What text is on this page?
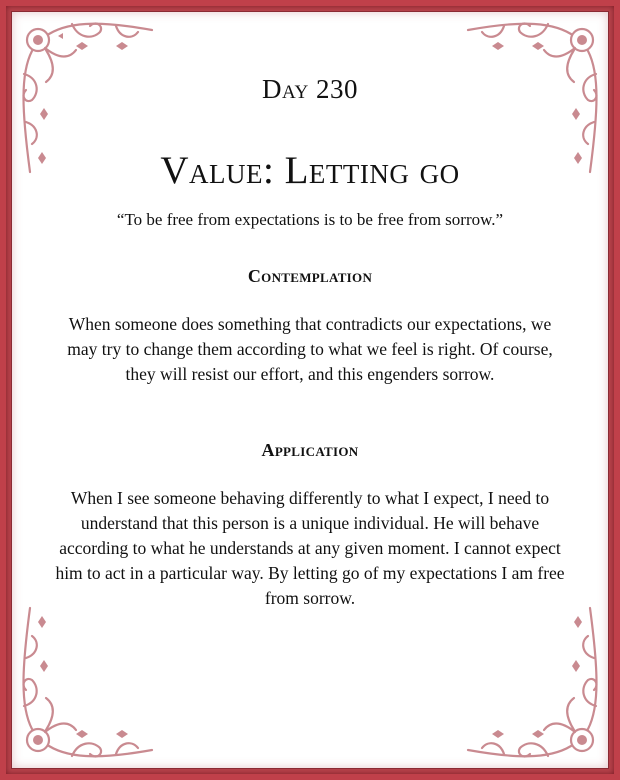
Day 230
Value: Letting go
“To be free from expectations is to be free from sorrow.”
Contemplation
When someone does something that contradicts our expectations, we may try to change them according to what we feel is right. Of course, they will resist our effort, and this engenders sorrow.
Application
When I see someone behaving differently to what I expect, I need to understand that this person is a unique individual. He will behave according to what he understands at any given moment. I cannot expect him to act in a particular way. By letting go of my expectations I am free from sorrow.
